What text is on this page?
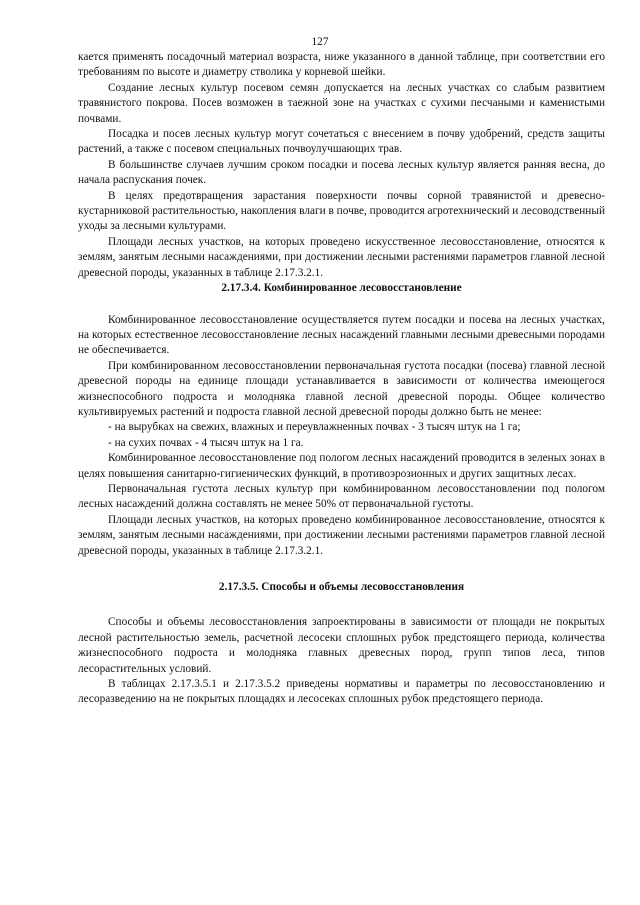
127

кается применять посадочный материал возраста, ниже указанного в данной таблице, при соответствии его требованиям по высоте и диаметру стволика у корневой шейки.

Создание лесных культур посевом семян допускается на лесных участках со слабым развитием травянистого покрова. Посев возможен в таежной зоне на участках с сухими песчаными и каменистыми почвами.

Посадка и посев лесных культур могут сочетаться с внесением в почву удобрений, средств защиты растений, а также с посевом специальных почвоулучшающих трав.

В большинстве случаев лучшим сроком посадки и посева лесных культур является ранняя весна, до начала распускания почек.

В целях предотвращения зарастания поверхности почвы сорной травянистой и древесно-кустарниковой растительностью, накопления влаги в почве, проводится агротехнический и лесоводственный уходы за лесными культурами.

Площади лесных участков, на которых проведено искусственное лесовосстановление, относятся к землям, занятым лесными насаждениями, при достижении лесными растениями параметров главной лесной древесной породы, указанных в таблице 2.17.3.2.1.

2.17.3.4. Комбинированное лесовосстановление

Комбинированное лесовосстановление осуществляется путем посадки и посева на лесных участках, на которых естественное лесовосстановление лесных насаждений главными лесными древесными породами не обеспечивается.

При комбинированном лесовосстановлении первоначальная густота посадки (посева) главной лесной древесной породы на единице площади устанавливается в зависимости от количества имеющегося жизнеспособного подроста и молодняка главной лесной древесной породы. Общее количество культивируемых растений и подроста главной лесной древесной породы должно быть не менее:

- на вырубках на свежих, влажных и переувлажненных почвах - 3 тысяч штук на 1 га;

- на сухих почвах - 4 тысяч штук на 1 га.

Комбинированное лесовосстановление под пологом лесных насаждений проводится в зеленых зонах в целях повышения санитарно-гигиенических функций, в противоэрозионных и других защитных лесах.

Первоначальная густота лесных культур при комбинированном лесовосстановлении под пологом лесных насаждений должна составлять не менее 50% от первоначальной густоты.

Площади лесных участков, на которых проведено комбинированное лесовосстановление, относятся к землям, занятым лесными насаждениями, при достижении лесными растениями параметров главной лесной древесной породы, указанных в таблице 2.17.3.2.1.

2.17.3.5. Способы и объемы лесовосстановления

Способы и объемы лесовосстановления запроектированы в зависимости от площади не покрытых лесной растительностью земель, расчетной лесосеки сплошных рубок предстоящего периода, количества жизнеспособного подроста и молодняка главных древесных пород, групп типов леса, типов лесорастительных условий.

В таблицах 2.17.3.5.1 и 2.17.3.5.2 приведены нормативы и параметры по лесовосстановлению и лесоразведению на не покрытых площадях и лесосеках сплошных рубок предстоящего периода.
